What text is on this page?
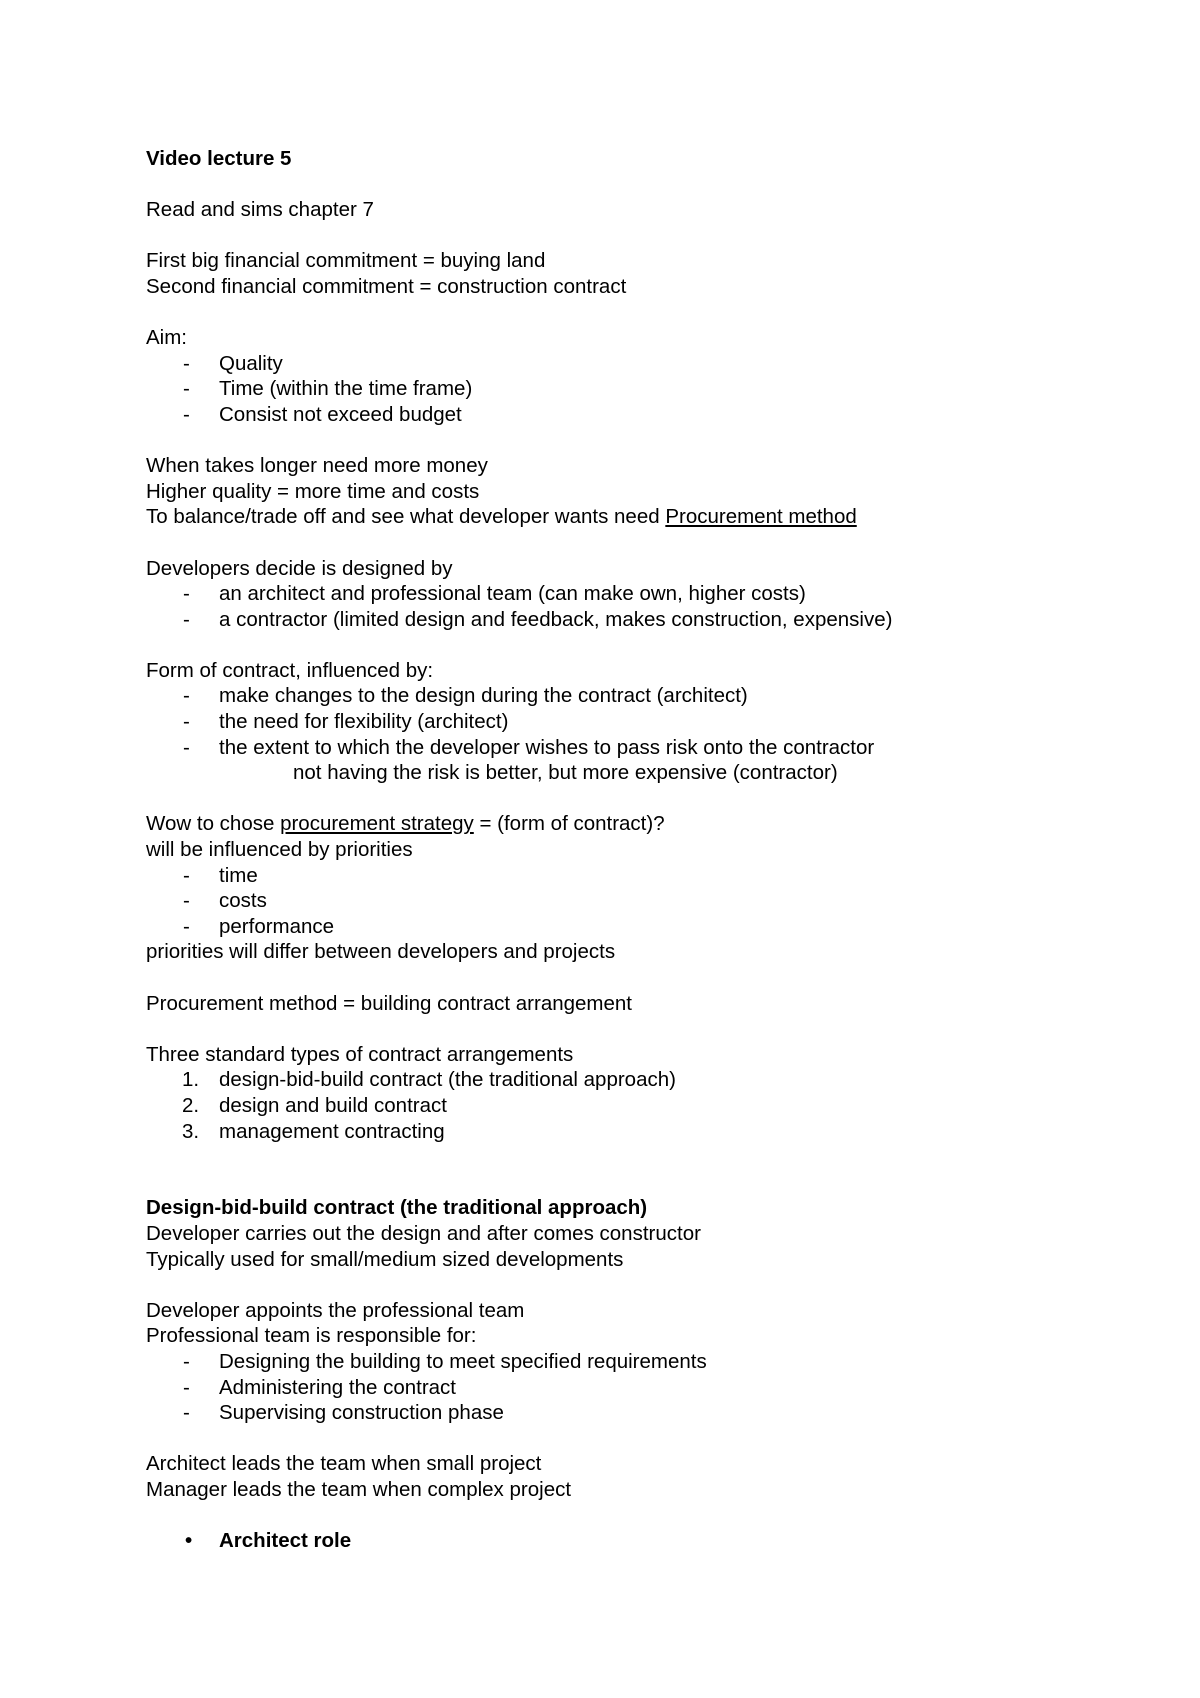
Video lecture 5
Read and sims chapter 7
First big financial commitment = buying land
Second financial commitment = construction contract
Aim:
- Quality
- Time (within the time frame)
- Consist not exceed budget
When takes longer need more money
Higher quality = more time and costs
To balance/trade off and see what developer wants need Procurement method
Developers decide is designed by
- an architect and professional team (can make own, higher costs)
- a contractor (limited design and feedback, makes construction, expensive)
Form of contract, influenced by:
- make changes to the design during the contract (architect)
- the need for flexibility (architect)
- the extent to which the developer wishes to pass risk onto the contractor
not having the risk is better, but more expensive (contractor)
Wow to chose procurement strategy = (form of contract)?
will be influenced by priorities
- time
- costs
- performance
priorities will differ between developers and projects
Procurement method = building contract arrangement
Three standard types of contract arrangements
1. design-bid-build contract (the traditional approach)
2. design and build contract
3. management contracting
Design-bid-build contract (the traditional approach)
Developer carries out the design and after comes constructor
Typically used for small/medium sized developments
Developer appoints the professional team
Professional team is responsible for:
- Designing the building to meet specified requirements
- Administering the contract
- Supervising construction phase
Architect leads the team when small project
Manager leads the team when complex project
• Architect role
